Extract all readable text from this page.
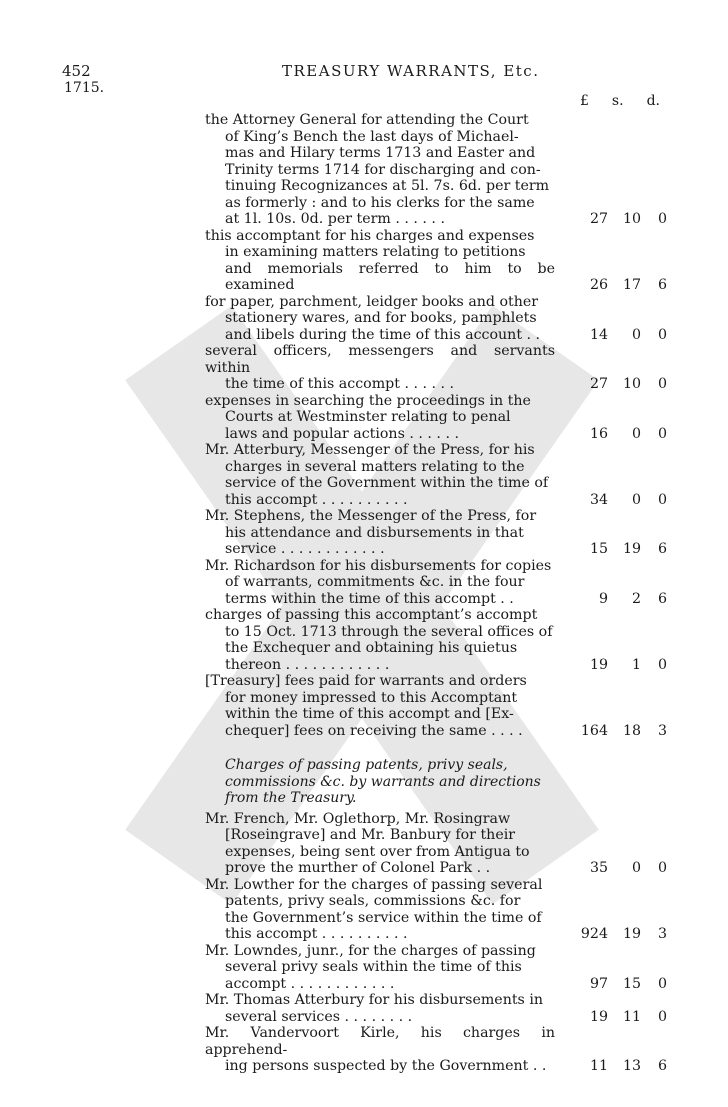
452	TREASURY WARRANTS, Etc.
1715.
£ s. d.
the Attorney General for attending the Court
of King’s Bench the last days of Michael-
mas and Hilary terms 1713 and Easter and
Trinity terms 1714 for discharging and con-
tinuing Recognizances at 5l. 7s. 6d. per term
as formerly : and to his clerks for the same
at 1l. 10s. 0d. per term . . . . . .	27 10 0
this accomptant for his charges and expenses
in examining matters relating to petitions
and memorials referred to him to be examined	26 17 6
for paper, parchment, leidger books and other
stationery wares, and for books, pamphlets
and libels during the time of this account . .	14 0 0
several officers, messengers and servants within
the time of this accompt . . . . . .	27 10 0
expenses in searching the proceedings in the
Courts at Westminster relating to penal
laws and popular actions . . . . . .	16 0 0
Mr. Atterbury, Messenger of the Press, for his
charges in several matters relating to the
service of the Government within the time of
this accompt . . . . . . . . . .	34 0 0
Mr. Stephens, the Messenger of the Press, for
his attendance and disbursements in that
service . . . . . . . . . . . .	15 19 6
Mr. Richardson for his disbursements for copies
of warrants, commitments &c. in the four
terms within the time of this accompt . .	9 2 6
charges of passing this accomptant’s accompt
to 15 Oct. 1713 through the several offices of
the Exchequer and obtaining his quietus
thereon . . . . . . . . . . . .	19 1 0
[Treasury] fees paid for warrants and orders
for money impressed to this Accomptant
within the time of this accompt and [Ex-
chequer] fees on receiving the same . . . .	164 18 3
Charges of passing patents, privy seals, commissions &c. by warrants and directions from the Treasury.
Mr. French, Mr. Oglethorp, Mr. Rosingraw
[Roseingrave] and Mr. Banbury for their
expenses, being sent over from Antigua to
prove the murther of Colonel Park . .	35 0 0
Mr. Lowther for the charges of passing several
patents, privy seals, commissions &c. for
the Government’s service within the time of
this accompt . . . . . . . . . .	924 19 3
Mr. Lowndes, junr., for the charges of passing
several privy seals within the time of this
accompt . . . . . . . . . . . .	97 15 0
Mr. Thomas Atterbury for his disbursements in
several services . . . . . . . .	19 11 0
Mr. Vandervoort Kirle, his charges in apprehend-
ing persons suspected by the Government . .	11 13 6
